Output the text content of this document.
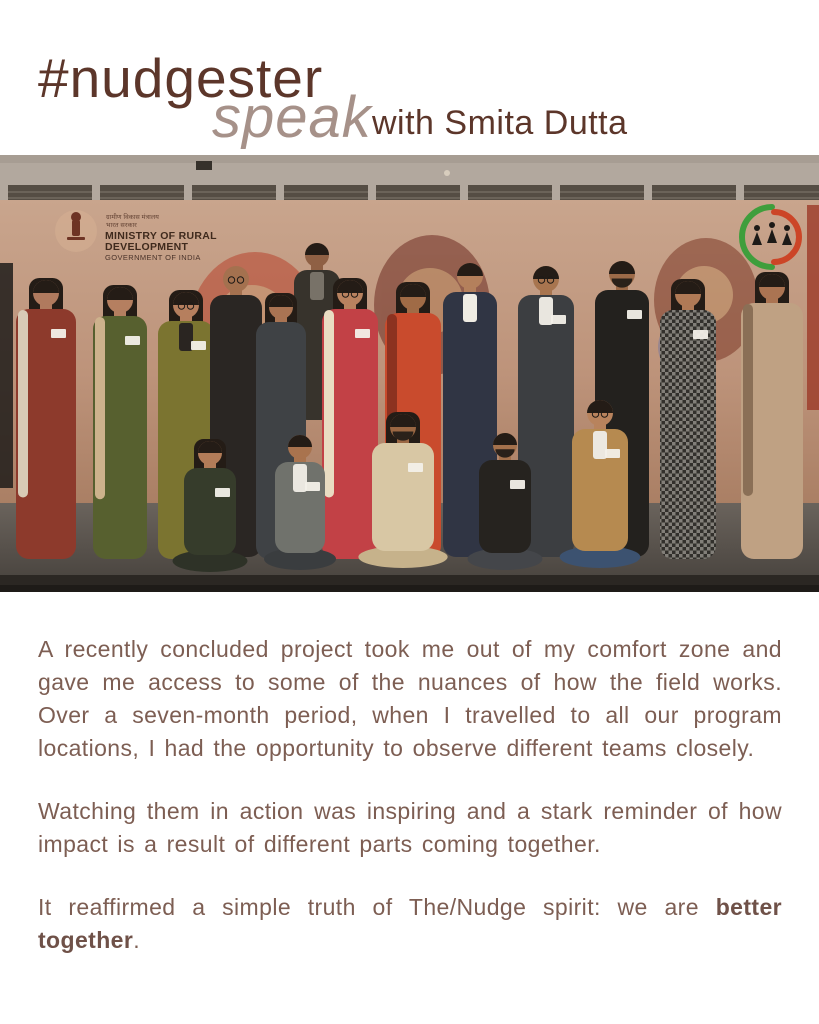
#nudgester
speak with Smita Dutta
ग्रामीण विकास मंत्रालय
भारत सरकार
MINISTRY OF RURAL
DEVELOPMENT
GOVERNMENT OF INDIA

A recently concluded project took me out of my comfort zone and gave me access to some of the nuances of how the field works. Over a seven-month period, when I travelled to all our program locations, I had the opportunity to observe different teams closely.

Watching them in action was inspiring and a stark reminder of how impact is a result of different parts coming together.

It reaffirmed a simple truth of The/Nudge spirit: we are better together.
